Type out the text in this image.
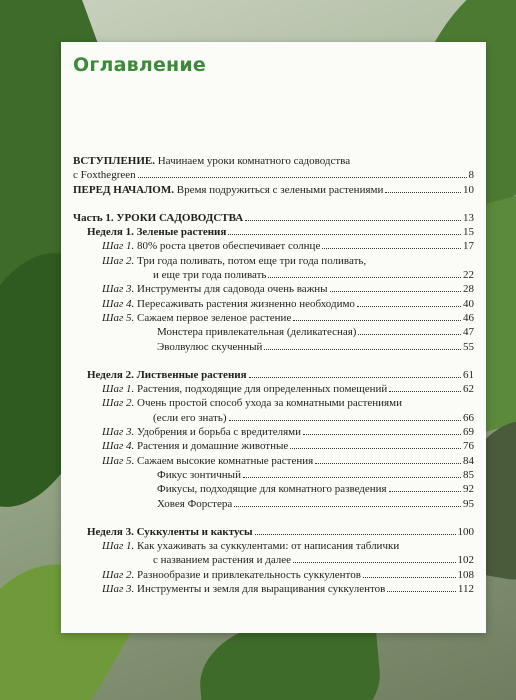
Оглавление
ВСТУПЛЕНИЕ. Начинаем уроки комнатного садоводства
с Foxthegreen	8
ПЕРЕД НАЧАЛОМ. Время подружиться с зелеными растениями	10
Часть 1. УРОКИ САДОВОДСТВА	13
Неделя 1. Зеленые растения	15
Шаг 1. 80% роста цветов обеспечивает солнце	17
Шаг 2. Три года поливать, потом еще три года поливать,
и еще три года поливать	22
Шаг 3. Инструменты для садовода очень важны	28
Шаг 4. Пересаживать растения жизненно необходимо	40
Шаг 5. Сажаем первое зеленое растение	46
Монстера привлекательная (деликатесная)	47
Эволвулюс скученный	55
Неделя 2. Лиственные растения	61
Шаг 1. Растения, подходящие для определенных помещений	62
Шаг 2. Очень простой способ ухода за комнатными растениями
(если его знать)	66
Шаг 3. Удобрения и борьба с вредителями	69
Шаг 4. Растения и домашние животные	76
Шаг 5. Сажаем высокие комнатные растения	84
Фикус зонтичный	85
Фикусы, подходящие для комнатного разведения	92
Ховея Форстера	95
Неделя 3. Суккуленты и кактусы	100
Шаг 1. Как ухаживать за суккулентами: от написания таблички
с названием растения и далее	102
Шаг 2. Разнообразие и привлекательность суккулентов	108
Шаг 3. Инструменты и земля для выращивания суккулентов	112
